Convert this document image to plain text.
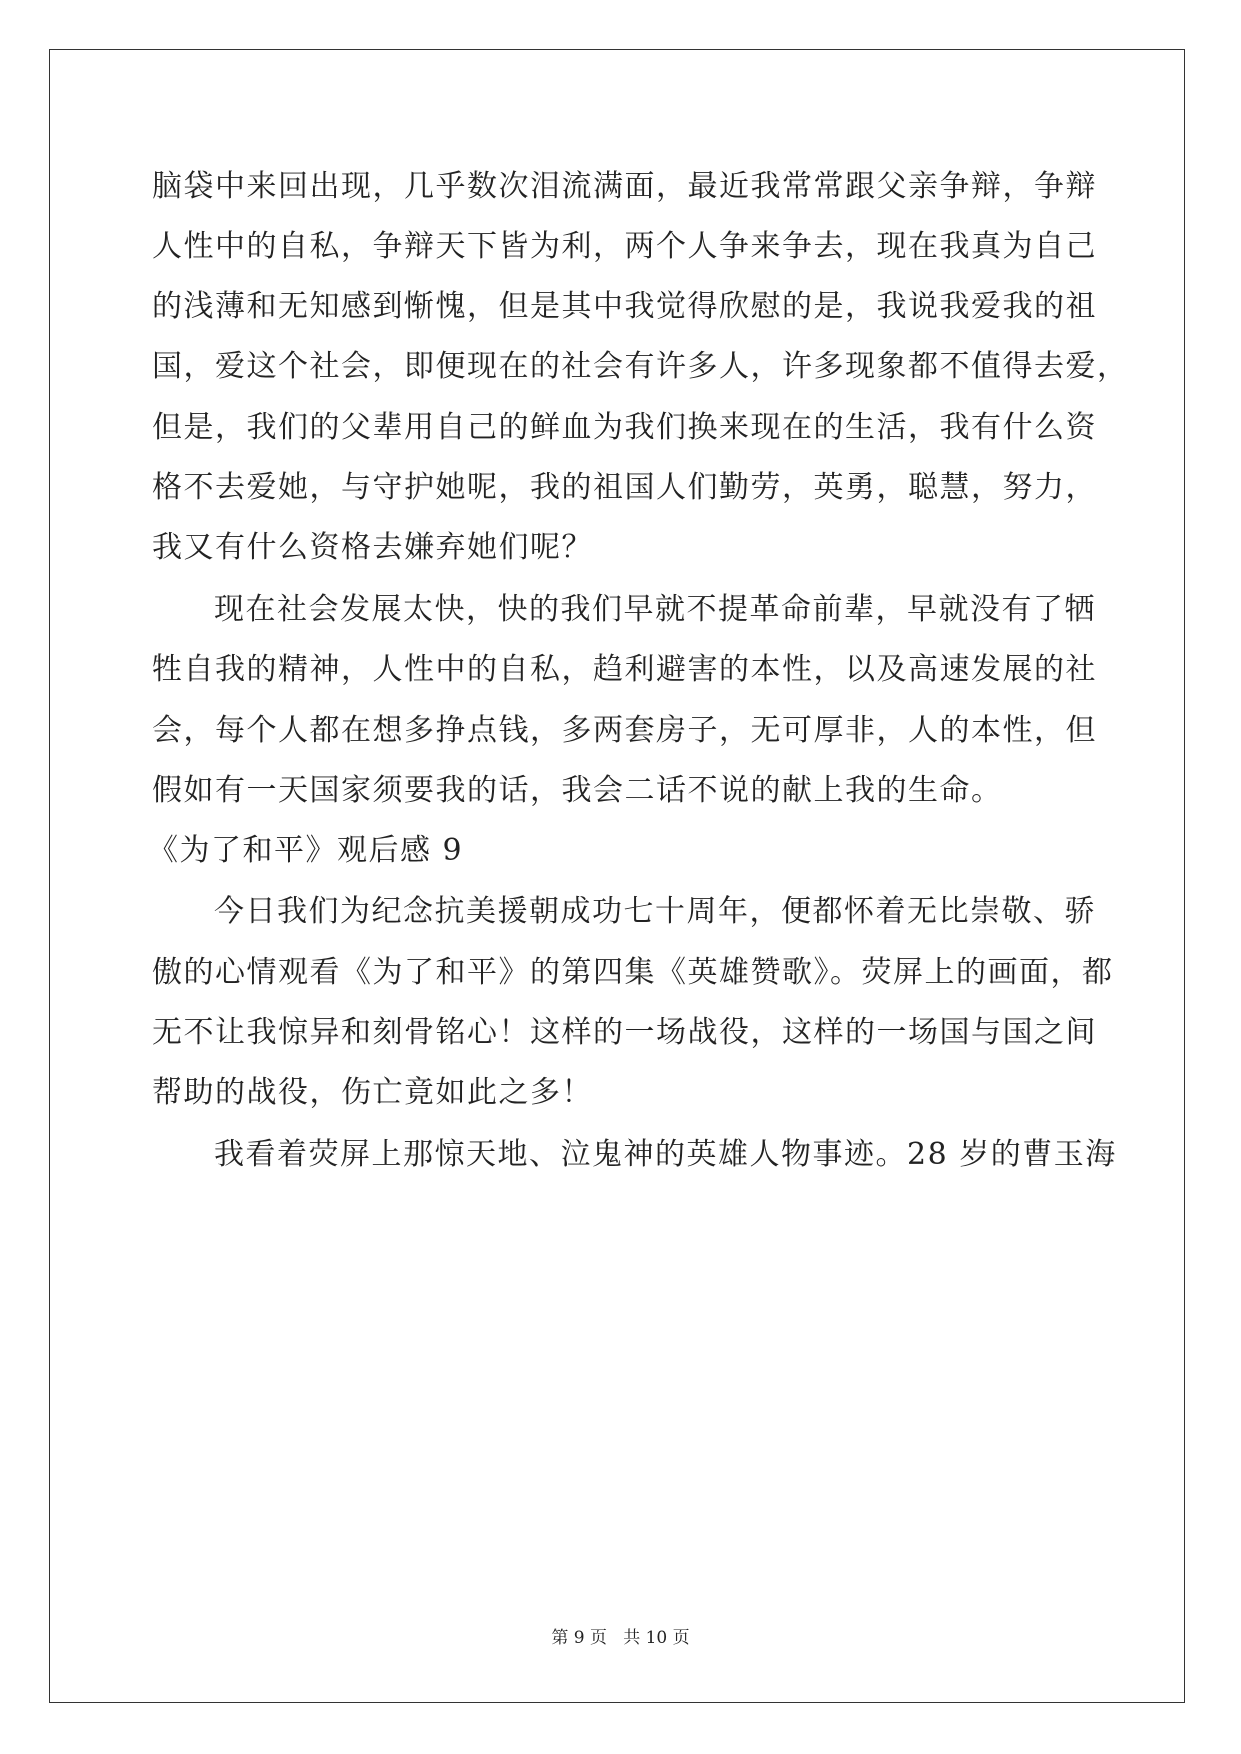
脑袋中来回出现，几乎数次泪流满面，最近我常常跟父亲争辩，争辩
人性中的自私，争辩天下皆为利，两个人争来争去，现在我真为自己
的浅薄和无知感到惭愧，但是其中我觉得欣慰的是，我说我爱我的祖
国，爱这个社会，即便现在的社会有许多人，许多现象都不值得去爱，
但是，我们的父辈用自己的鲜血为我们换来现在的生活，我有什么资
格不去爱她，与守护她呢，我的祖国人们勤劳，英勇，聪慧，努力，
我又有什么资格去嫌弃她们呢？
现在社会发展太快，快的我们早就不提革命前辈，早就没有了牺
牲自我的精神，人性中的自私，趋利避害的本性，以及高速发展的社
会，每个人都在想多挣点钱，多两套房子，无可厚非，人的本性，但
假如有一天国家须要我的话，我会二话不说的献上我的生命。
《为了和平》观后感 9
今日我们为纪念抗美援朝成功七十周年，便都怀着无比崇敬、骄
傲的心情观看《为了和平》的第四集《英雄赞歌》。荧屏上的画面，都
无不让我惊异和刻骨铭心！这样的一场战役，这样的一场国与国之间
帮助的战役，伤亡竟如此之多！
我看着荧屏上那惊天地、泣鬼神的英雄人物事迹。28 岁的曹玉海
第 9 页   共 10 页
